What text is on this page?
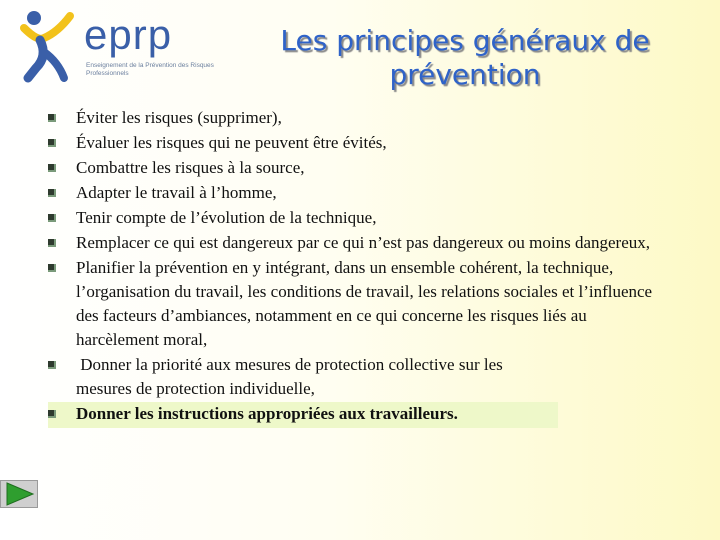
eprp
Enseignement de la Prévention des Risques Professionnels
Les principes généraux de prévention
Éviter les risques (supprimer),
Évaluer les risques qui ne peuvent être évités,
Combattre les risques à la source,
Adapter le travail à l’homme,
Tenir compte de l’évolution de la technique,
Remplacer ce qui est dangereux par ce qui n’est pas dangereux ou moins dangereux,
Planifier la prévention en y intégrant, dans un ensemble cohérent, la technique, l’organisation du travail, les conditions de travail, les relations sociales et l’influence des facteurs d’ambiances, notamment en ce qui concerne les risques liés au harcèlement moral,
Donner la priorité aux mesures de protection collective sur les mesures de protection individuelle,
Donner les instructions appropriées aux travailleurs.
